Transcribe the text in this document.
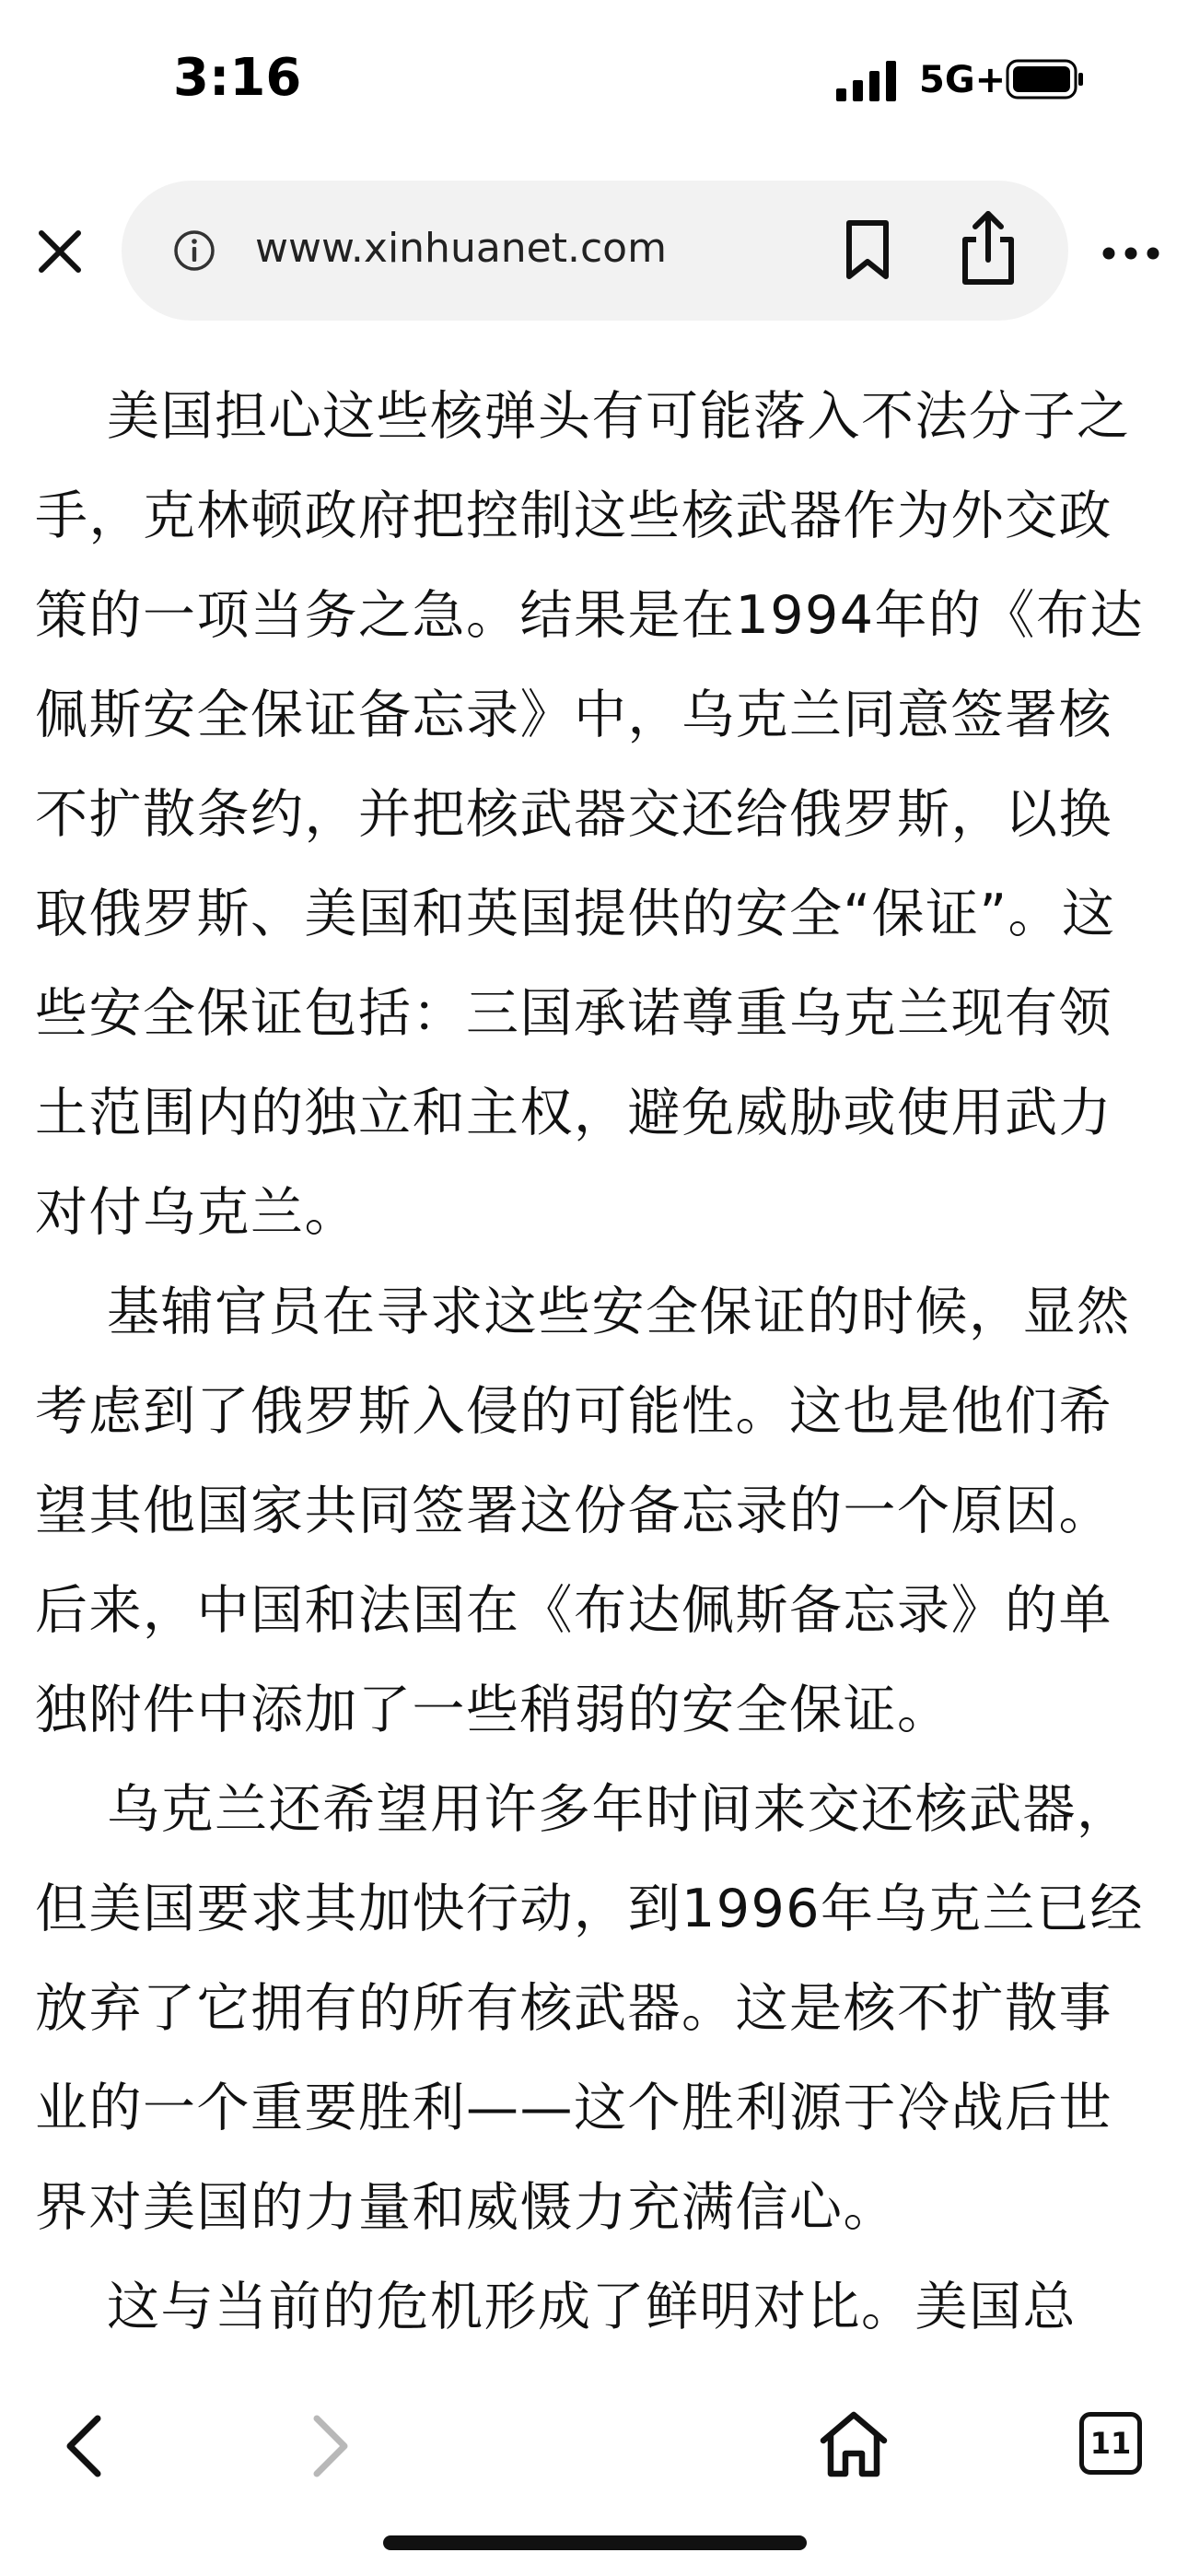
3:16	5G+
www.xinhuanet.com

美国担心这些核弹头有可能落入不法分子之手，克林顿政府把控制这些核武器作为外交政策的一项当务之急。结果是在1994年的《布达佩斯安全保证备忘录》中，乌克兰同意签署核不扩散条约，并把核武器交还给俄罗斯，以换取俄罗斯、美国和英国提供的安全“保证”。这些安全保证包括：三国承诺尊重乌克兰现有领土范围内的独立和主权，避免威胁或使用武力对付乌克兰。

基辅官员在寻求这些安全保证的时候，显然考虑到了俄罗斯入侵的可能性。这也是他们希望其他国家共同签署这份备忘录的一个原因。后来，中国和法国在《布达佩斯备忘录》的单独附件中添加了一些稍弱的安全保证。

乌克兰还希望用许多年时间来交还核武器，但美国要求其加快行动，到1996年乌克兰已经放弃了它拥有的所有核武器。这是核不扩散事业的一个重要胜利——这个胜利源于冷战后世界对美国的力量和威慑力充满信心。

这与当前的危机形成了鲜明对比。美国总

11
